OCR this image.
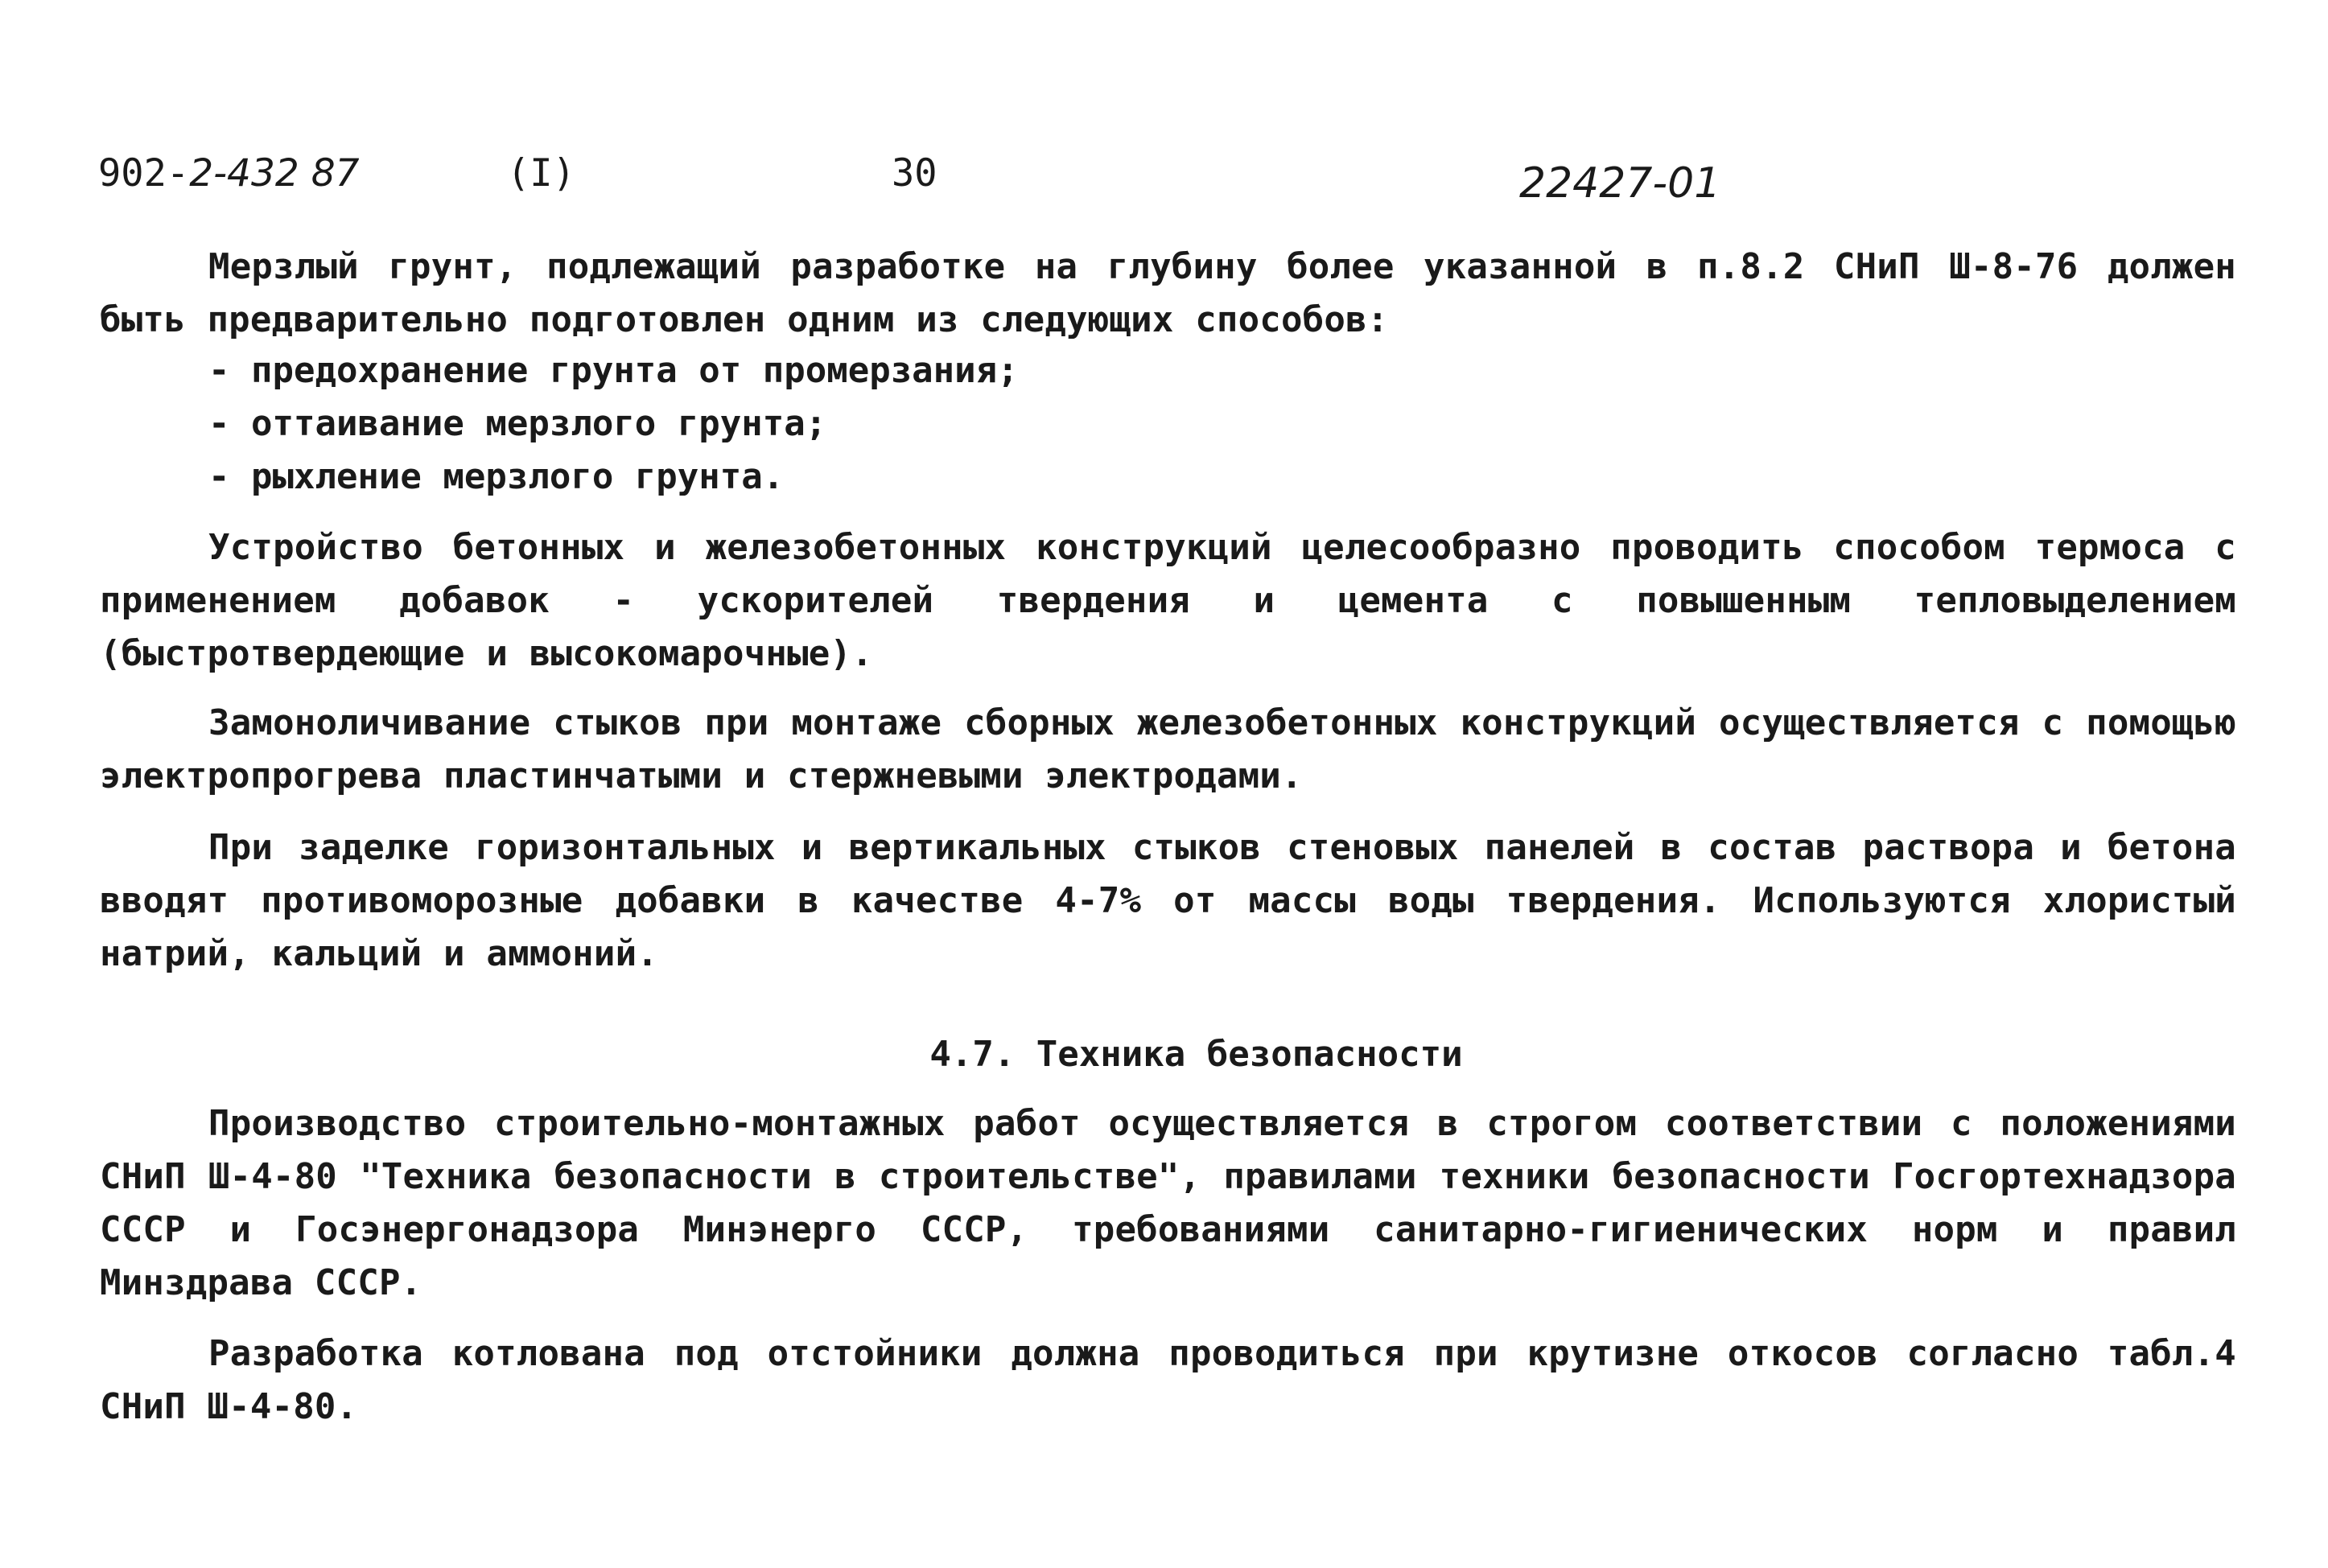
902-2-432 87	(I)	30	22427-01

Мерзлый грунт, подлежащий разработке на глубину более указанной в п.8.2 СНиП Ш-8-76 должен быть предварительно подготовлен одним из следующих способов:

- предохранение грунта от промерзания;
- оттаивание мерзлого грунта;
- рыхление мерзлого грунта.

Устройство бетонных и железобетонных конструкций целесообразно проводить способом термоса с применением добавок - ускорителей твердения и цемента с повышенным тепловыделением (быстротвердеющие и высокомарочные).

Замоноличивание стыков при монтаже сборных железобетонных конструкций осуществляется с помощью электропрогрева пластинчатыми и стержневыми электродами.

При заделке горизонтальных и вертикальных стыков стеновых панелей в состав раствора и бетона вводят противоморозные добавки в качестве 4-7% от массы воды твердения. Используются хлористый натрий, кальций и аммоний.

4.7. Техника безопасности

Производство строительно-монтажных работ осуществляется в строгом соответствии с положениями СНиП Ш-4-80 "Техника безопасности в строительстве", правилами техники безопасности Госгортехнадзора СССР и Госэнергонадзора Минэнерго СССР, требованиями санитарно-гигиенических норм и правил Минздрава СССР.

Разработка котлована под отстойники должна проводиться при крутизне откосов согласно табл.4 СНиП Ш-4-80.
